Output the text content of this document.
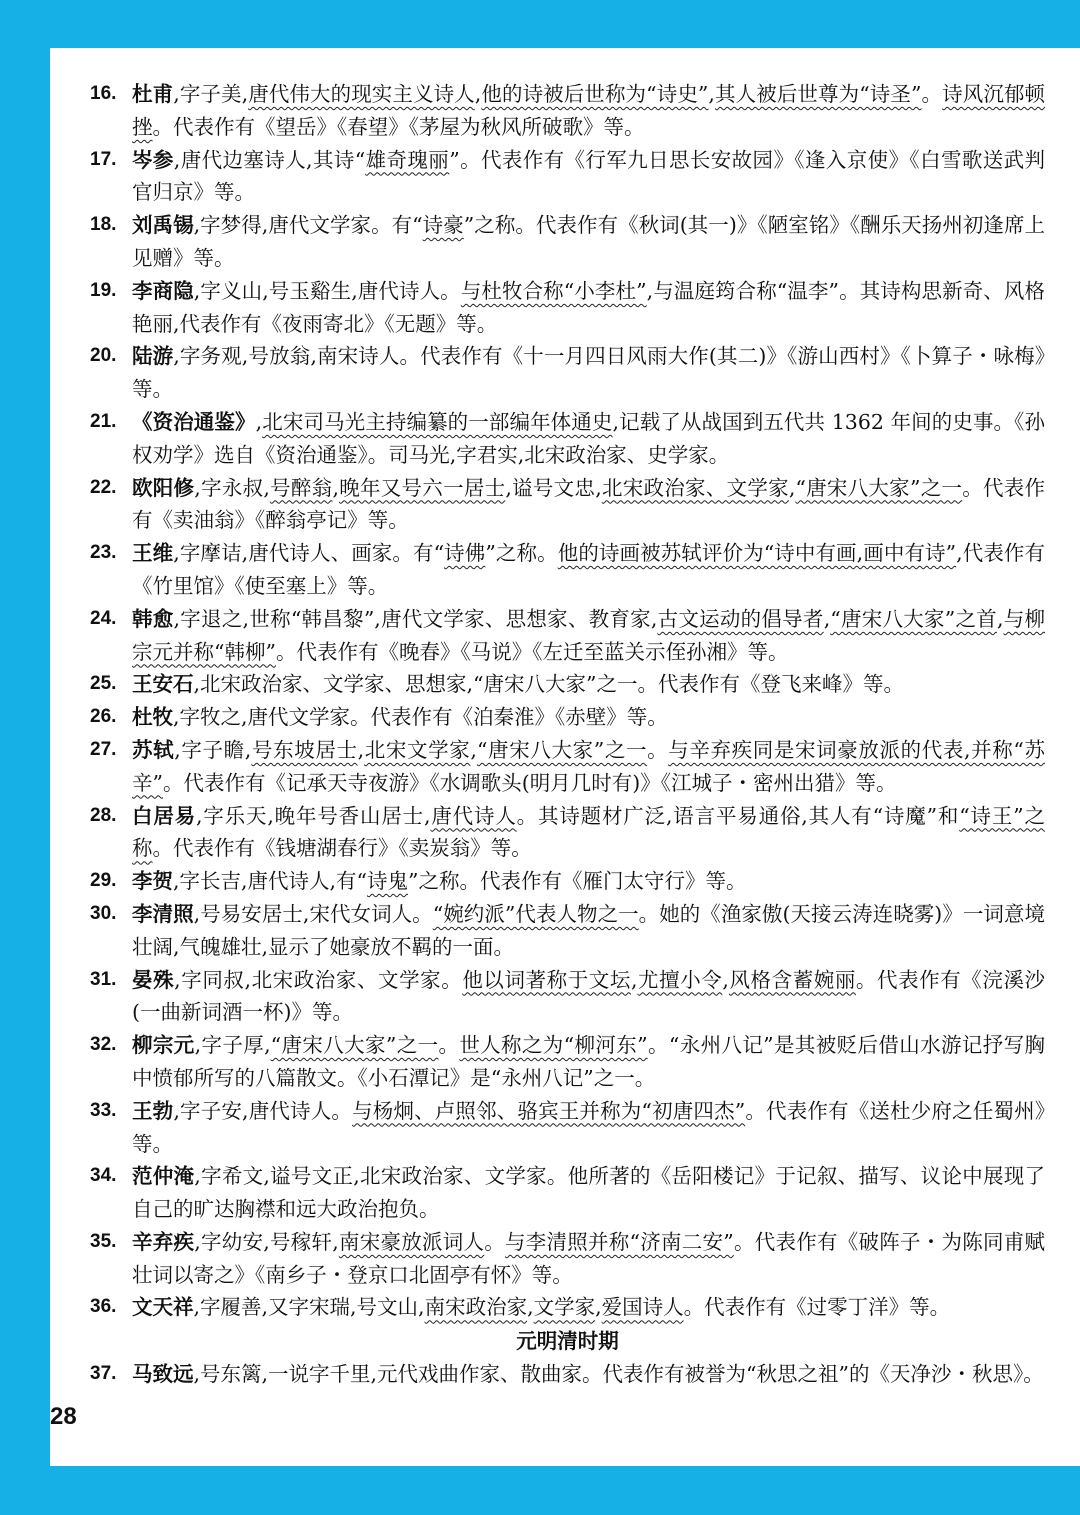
16. 杜甫,字子美,唐代伟大的现实主义诗人,他的诗被后世称为“诗史”,其人被后世尊为“诗圣”。诗风沉郁顿挫。代表作有《望岳》《春望》《茅屋为秋风所破歌》等。

17. 岑参,唐代边塞诗人,其诗“雄奇瑰丽”。代表作有《行军九日思长安故园》《逢入京使》《白雪歌送武判官归京》等。

18. 刘禹锡,字梦得,唐代文学家。有“诗豪”之称。代表作有《秋词(其一)》《陋室铭》《酬乐天扬州初逢席上见赠》等。

19. 李商隐,字义山,号玉谿生,唐代诗人。与杜牧合称“小李杜”,与温庭筠合称“温李”。其诗构思新奇、风格艳丽,代表作有《夜雨寄北》《无题》等。

20. 陆游,字务观,号放翁,南宋诗人。代表作有《十一月四日风雨大作(其二)》《游山西村》《卜算子・咏梅》等。

21. 《资治通鉴》,北宋司马光主持编纂的一部编年体通史,记载了从战国到五代共 1362 年间的史事。《孙权劝学》选自《资治通鉴》。司马光,字君实,北宋政治家、史学家。

22. 欧阳修,字永叔,号醉翁,晚年又号六一居士,谥号文忠,北宋政治家、文学家,“唐宋八大家”之一。代表作有《卖油翁》《醉翁亭记》等。

23. 王维,字摩诘,唐代诗人、画家。有“诗佛”之称。他的诗画被苏轼评价为“诗中有画,画中有诗”,代表作有《竹里馆》《使至塞上》等。

24. 韩愈,字退之,世称“韩昌黎”,唐代文学家、思想家、教育家,古文运动的倡导者,“唐宋八大家”之首,与柳宗元并称“韩柳”。代表作有《晚春》《马说》《左迁至蓝关示侄孙湘》等。

25. 王安石,北宋政治家、文学家、思想家,“唐宋八大家”之一。代表作有《登飞来峰》等。

26. 杜牧,字牧之,唐代文学家。代表作有《泊秦淮》《赤壁》等。

27. 苏轼,字子瞻,号东坡居士,北宋文学家,“唐宋八大家”之一。与辛弃疾同是宋词豪放派的代表,并称“苏辛”。代表作有《记承天寺夜游》《水调歌头(明月几时有)》《江城子・密州出猎》等。

28. 白居易,字乐天,晚年号香山居士,唐代诗人。其诗题材广泛,语言平易通俗,其人有“诗魔”和“诗王”之称。代表作有《钱塘湖春行》《卖炭翁》等。

29. 李贺,字长吉,唐代诗人,有“诗鬼”之称。代表作有《雁门太守行》等。

30. 李清照,号易安居士,宋代女词人。“婉约派”代表人物之一。她的《渔家傲(天接云涛连晓雾)》一词意境壮阔,气魄雄壮,显示了她豪放不羁的一面。

31. 晏殊,字同叔,北宋政治家、文学家。他以词著称于文坛,尤擅小令,风格含蓄婉丽。代表作有《浣溪沙(一曲新词酒一杯)》等。

32. 柳宗元,字子厚,“唐宋八大家”之一。世人称之为“柳河东”。“永州八记”是其被贬后借山水游记抒写胸中愤郁所写的八篇散文。《小石潭记》是“永州八记”之一。

33. 王勃,字子安,唐代诗人。与杨炯、卢照邻、骆宾王并称为“初唐四杰”。代表作有《送杜少府之任蜀州》等。

34. 范仲淹,字希文,谥号文正,北宋政治家、文学家。他所著的《岳阳楼记》于记叙、描写、议论中展现了自己的旷达胸襟和远大政治抱负。

35. 辛弃疾,字幼安,号稼轩,南宋豪放派词人。与李清照并称“济南二安”。代表作有《破阵子・为陈同甫赋壮词以寄之》《南乡子・登京口北固亭有怀》等。

36. 文天祥,字履善,又字宋瑞,号文山,南宋政治家,文学家,爱国诗人。代表作有《过零丁洋》等。

元明清时期

37. 马致远,号东篱,一说字千里,元代戏曲作家、散曲家。代表作有被誉为“秋思之祖”的《天净沙・秋思》。

28
